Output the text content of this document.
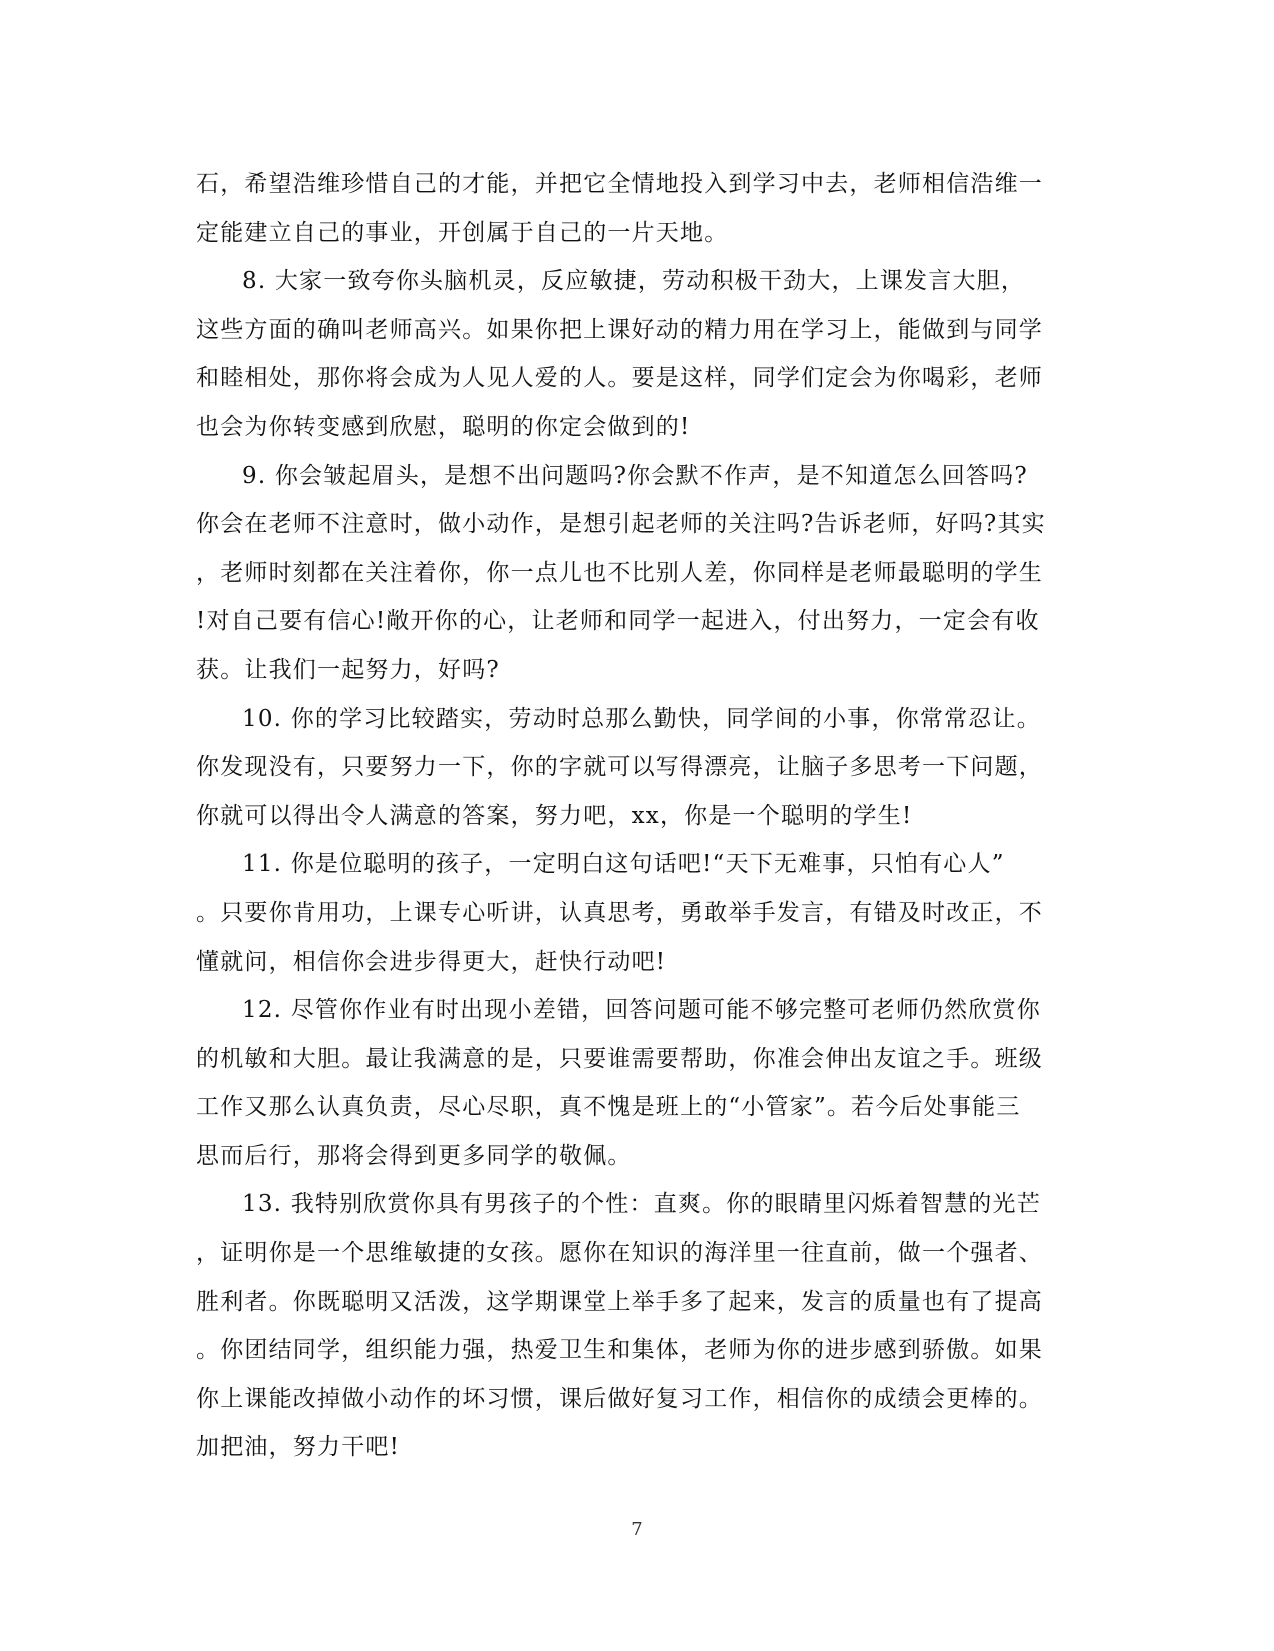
石，希望浩维珍惜自己的才能，并把它全情地投入到学习中去，老师相信浩维一
定能建立自己的事业，开创属于自己的一片天地。
8. 大家一致夸你头脑机灵，反应敏捷，劳动积极干劲大，上课发言大胆，
这些方面的确叫老师高兴。如果你把上课好动的精力用在学习上，能做到与同学
和睦相处，那你将会成为人见人爱的人。要是这样，同学们定会为你喝彩，老师
也会为你转变感到欣慰，聪明的你定会做到的!
9. 你会皱起眉头，是想不出问题吗?你会默不作声，是不知道怎么回答吗?
你会在老师不注意时，做小动作，是想引起老师的关注吗?告诉老师，好吗?其实
，老师时刻都在关注着你，你一点儿也不比别人差，你同样是老师最聪明的学生
!对自己要有信心!敞开你的心，让老师和同学一起进入，付出努力，一定会有收
获。让我们一起努力，好吗?
10. 你的学习比较踏实，劳动时总那么勤快，同学间的小事，你常常忍让。
你发现没有，只要努力一下，你的字就可以写得漂亮，让脑子多思考一下问题，
你就可以得出令人满意的答案，努力吧，xx，你是一个聪明的学生!
11. 你是位聪明的孩子，一定明白这句话吧!“天下无难事，只怕有心人”
。只要你肯用功，上课专心听讲，认真思考，勇敢举手发言，有错及时改正，不
懂就问，相信你会进步得更大，赶快行动吧!
12. 尽管你作业有时出现小差错，回答问题可能不够完整可老师仍然欣赏你
的机敏和大胆。最让我满意的是，只要谁需要帮助，你准会伸出友谊之手。班级
工作又那么认真负责，尽心尽职，真不愧是班上的“小管家”。若今后处事能三
思而后行，那将会得到更多同学的敬佩。
13. 我特别欣赏你具有男孩子的个性：直爽。你的眼睛里闪烁着智慧的光芒
，证明你是一个思维敏捷的女孩。愿你在知识的海洋里一往直前，做一个强者、
胜利者。你既聪明又活泼，这学期课堂上举手多了起来，发言的质量也有了提高
。你团结同学，组织能力强，热爱卫生和集体，老师为你的进步感到骄傲。如果
你上课能改掉做小动作的坏习惯，课后做好复习工作，相信你的成绩会更棒的。
加把油，努力干吧!
7
